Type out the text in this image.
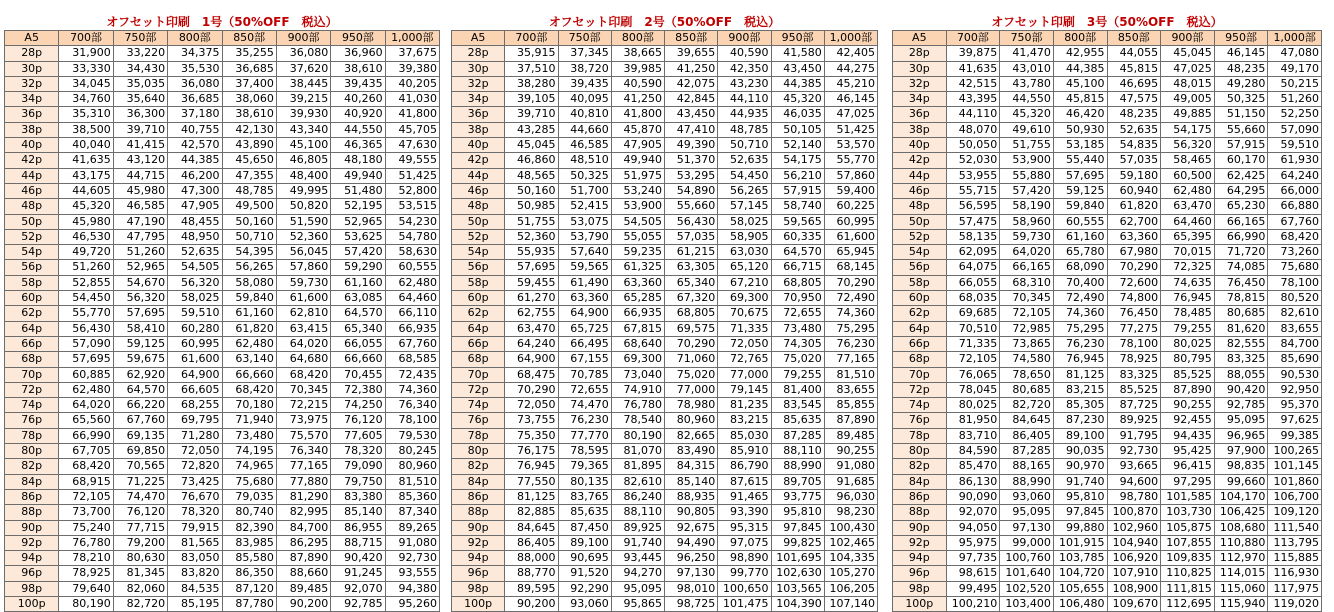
オフセット印刷　1号（50%OFF　税込）
A5	700部	750部	800部	850部	900部	950部	1,000部
28p	31,900	33,220	34,375	35,255	36,080	36,960	37,675
30p	33,330	34,430	35,530	36,685	37,620	38,610	39,380
32p	34,045	35,035	36,080	37,400	38,445	39,435	40,205
34p	34,760	35,640	36,685	38,060	39,215	40,260	41,030
36p	35,310	36,300	37,180	38,610	39,930	40,920	41,800
38p	38,500	39,710	40,755	42,130	43,340	44,550	45,705
40p	40,040	41,415	42,570	43,890	45,100	46,365	47,630
42p	41,635	43,120	44,385	45,650	46,805	48,180	49,555
44p	43,175	44,715	46,200	47,355	48,400	49,940	51,425
46p	44,605	45,980	47,300	48,785	49,995	51,480	52,800
48p	45,320	46,585	47,905	49,500	50,820	52,195	53,515
50p	45,980	47,190	48,455	50,160	51,590	52,965	54,230
52p	46,530	47,795	48,950	50,710	52,360	53,625	54,780
54p	49,720	51,260	52,635	54,395	56,045	57,420	58,630
56p	51,260	52,965	54,505	56,265	57,860	59,290	60,555
58p	52,855	54,670	56,320	58,080	59,730	61,160	62,480
60p	54,450	56,320	58,025	59,840	61,600	63,085	64,460
62p	55,770	57,695	59,510	61,160	62,810	64,570	66,110
64p	56,430	58,410	60,280	61,820	63,415	65,340	66,935
66p	57,090	59,125	60,995	62,480	64,020	66,055	67,760
68p	57,695	59,675	61,600	63,140	64,680	66,660	68,585
70p	60,885	62,920	64,900	66,660	68,420	70,455	72,435
72p	62,480	64,570	66,605	68,420	70,345	72,380	74,360
74p	64,020	66,220	68,255	70,180	72,215	74,250	76,340
76p	65,560	67,760	69,795	71,940	73,975	76,120	78,100
78p	66,990	69,135	71,280	73,480	75,570	77,605	79,530
80p	67,705	69,850	72,050	74,195	76,340	78,320	80,245
82p	68,420	70,565	72,820	74,965	77,165	79,090	80,960
84p	68,915	71,225	73,425	75,680	77,880	79,750	81,510
86p	72,105	74,470	76,670	79,035	81,290	83,380	85,360
88p	73,700	76,120	78,320	80,740	82,995	85,140	87,340
90p	75,240	77,715	79,915	82,390	84,700	86,955	89,265
92p	76,780	79,200	81,565	83,985	86,295	88,715	91,080
94p	78,210	80,630	83,050	85,580	87,890	90,420	92,730
96p	78,925	81,345	83,820	86,350	88,660	91,245	93,555
98p	79,640	82,060	84,535	87,120	89,485	92,070	94,380
100p	80,190	82,720	85,195	87,780	90,200	92,785	95,260
オフセット印刷　2号（50%OFF　税込）
A5	700部	750部	800部	850部	900部	950部	1,000部
28p	35,915	37,345	38,665	39,655	40,590	41,580	42,405
30p	37,510	38,720	39,985	41,250	42,350	43,450	44,275
32p	38,280	39,435	40,590	42,075	43,230	44,385	45,210
34p	39,105	40,095	41,250	42,845	44,110	45,320	46,145
36p	39,710	40,810	41,800	43,450	44,935	46,035	47,025
38p	43,285	44,660	45,870	47,410	48,785	50,105	51,425
40p	45,045	46,585	47,905	49,390	50,710	52,140	53,570
42p	46,860	48,510	49,940	51,370	52,635	54,175	55,770
44p	48,565	50,325	51,975	53,295	54,450	56,210	57,860
46p	50,160	51,700	53,240	54,890	56,265	57,915	59,400
48p	50,985	52,415	53,900	55,660	57,145	58,740	60,225
50p	51,755	53,075	54,505	56,430	58,025	59,565	60,995
52p	52,360	53,790	55,055	57,035	58,905	60,335	61,600
54p	55,935	57,640	59,235	61,215	63,030	64,570	65,945
56p	57,695	59,565	61,325	63,305	65,120	66,715	68,145
58p	59,455	61,490	63,360	65,340	67,210	68,805	70,290
60p	61,270	63,360	65,285	67,320	69,300	70,950	72,490
62p	62,755	64,900	66,935	68,805	70,675	72,655	74,360
64p	63,470	65,725	67,815	69,575	71,335	73,480	75,295
66p	64,240	66,495	68,640	70,290	72,050	74,305	76,230
68p	64,900	67,155	69,300	71,060	72,765	75,020	77,165
70p	68,475	70,785	73,040	75,020	77,000	79,255	81,510
72p	70,290	72,655	74,910	77,000	79,145	81,400	83,655
74p	72,050	74,470	76,780	78,980	81,235	83,545	85,855
76p	73,755	76,230	78,540	80,960	83,215	85,635	87,890
78p	75,350	77,770	80,190	82,665	85,030	87,285	89,485
80p	76,175	78,595	81,070	83,490	85,910	88,110	90,255
82p	76,945	79,365	81,895	84,315	86,790	88,990	91,080
84p	77,550	80,135	82,610	85,140	87,615	89,705	91,685
86p	81,125	83,765	86,240	88,935	91,465	93,775	96,030
88p	82,885	85,635	88,110	90,805	93,390	95,810	98,230
90p	84,645	87,450	89,925	92,675	95,315	97,845	100,430
92p	86,405	89,100	91,740	94,490	97,075	99,825	102,465
94p	88,000	90,695	93,445	96,250	98,890	101,695	104,335
96p	88,770	91,520	94,270	97,130	99,770	102,630	105,270
98p	89,595	92,290	95,095	98,010	100,650	103,565	106,205
100p	90,200	93,060	95,865	98,725	101,475	104,390	107,140
オフセット印刷　3号（50%OFF　税込）
A5	700部	750部	800部	850部	900部	950部	1,000部
28p	39,875	41,470	42,955	44,055	45,045	46,145	47,080
30p	41,635	43,010	44,385	45,815	47,025	48,235	49,170
32p	42,515	43,780	45,100	46,695	48,015	49,280	50,215
34p	43,395	44,550	45,815	47,575	49,005	50,325	51,260
36p	44,110	45,320	46,420	48,235	49,885	51,150	52,250
38p	48,070	49,610	50,930	52,635	54,175	55,660	57,090
40p	50,050	51,755	53,185	54,835	56,320	57,915	59,510
42p	52,030	53,900	55,440	57,035	58,465	60,170	61,930
44p	53,955	55,880	57,695	59,180	60,500	62,425	64,240
46p	55,715	57,420	59,125	60,940	62,480	64,295	66,000
48p	56,595	58,190	59,840	61,820	63,470	65,230	66,880
50p	57,475	58,960	60,555	62,700	64,460	66,165	67,760
52p	58,135	59,730	61,160	63,360	65,395	66,990	68,420
54p	62,095	64,020	65,780	67,980	70,015	71,720	73,260
56p	64,075	66,165	68,090	70,290	72,325	74,085	75,680
58p	66,055	68,310	70,400	72,600	74,635	76,450	78,100
60p	68,035	70,345	72,490	74,800	76,945	78,815	80,520
62p	69,685	72,105	74,360	76,450	78,485	80,685	82,610
64p	70,510	72,985	75,295	77,275	79,255	81,620	83,655
66p	71,335	73,865	76,230	78,100	80,025	82,555	84,700
68p	72,105	74,580	76,945	78,925	80,795	83,325	85,690
70p	76,065	78,650	81,125	83,325	85,525	88,055	90,530
72p	78,045	80,685	83,215	85,525	87,890	90,420	92,950
74p	80,025	82,720	85,305	87,725	90,255	92,785	95,370
76p	81,950	84,645	87,230	89,925	92,455	95,095	97,625
78p	83,710	86,405	89,100	91,795	94,435	96,965	99,385
80p	84,590	87,285	90,035	92,730	95,425	97,900	100,265
82p	85,470	88,165	90,970	93,665	96,415	98,835	101,145
84p	86,130	88,990	91,740	94,600	97,295	99,660	101,860
86p	90,090	93,060	95,810	98,780	101,585	104,170	106,700
88p	92,070	95,095	97,845	100,870	103,730	106,425	109,120
90p	94,050	97,130	99,880	102,960	105,875	108,680	111,540
92p	95,975	99,000	101,915	104,940	107,855	110,880	113,795
94p	97,735	100,760	103,785	106,920	109,835	112,970	115,885
96p	98,615	101,640	104,720	107,910	110,825	114,015	116,930
98p	99,495	102,520	105,655	108,900	111,815	115,060	117,975
100p	100,210	103,400	106,480	109,670	112,695	115,940	119,020
